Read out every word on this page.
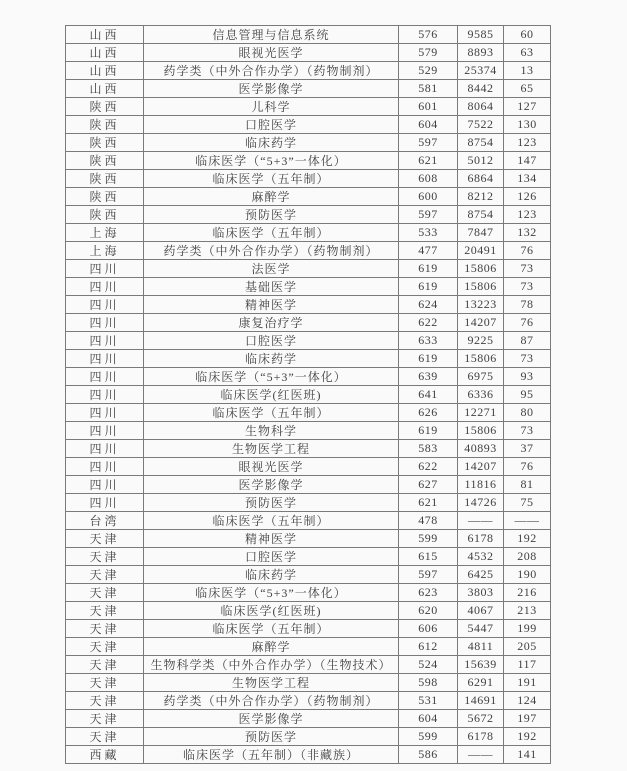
山西	信息管理与信息系统	576	9585	60
山西	眼视光医学	579	8893	63
山西	药学类（中外合作办学）（药物制剂）	529	25374	13
山西	医学影像学	581	8442	65
陕西	儿科学	601	8064	127
陕西	口腔医学	604	7522	130
陕西	临床药学	597	8754	123
陕西	临床医学（“5+3”一体化）	621	5012	147
陕西	临床医学（五年制）	608	6864	134
陕西	麻醉学	600	8212	126
陕西	预防医学	597	8754	123
上海	临床医学（五年制）	533	7847	132
上海	药学类（中外合作办学）（药物制剂）	477	20491	76
四川	法医学	619	15806	73
四川	基础医学	619	15806	73
四川	精神医学	624	13223	78
四川	康复治疗学	622	14207	76
四川	口腔医学	633	9225	87
四川	临床药学	619	15806	73
四川	临床医学（“5+3”一体化）	639	6975	93
四川	临床医学(红医班)	641	6336	95
四川	临床医学（五年制）	626	12271	80
四川	生物科学	619	15806	73
四川	生物医学工程	583	40893	37
四川	眼视光医学	622	14207	76
四川	医学影像学	627	11816	81
四川	预防医学	621	14726	75
台湾	临床医学（五年制）	478	——	——
天津	精神医学	599	6178	192
天津	口腔医学	615	4532	208
天津	临床药学	597	6425	190
天津	临床医学（“5+3”一体化）	623	3803	216
天津	临床医学(红医班)	620	4067	213
天津	临床医学（五年制）	606	5447	199
天津	麻醉学	612	4811	205
天津	生物科学类（中外合作办学）（生物技术）	524	15639	117
天津	生物医学工程	598	6291	191
天津	药学类（中外合作办学）（药物制剂）	531	14691	124
天津	医学影像学	604	5672	197
天津	预防医学	599	6178	192
西藏	临床医学（五年制）（非藏族）	586	——	141
